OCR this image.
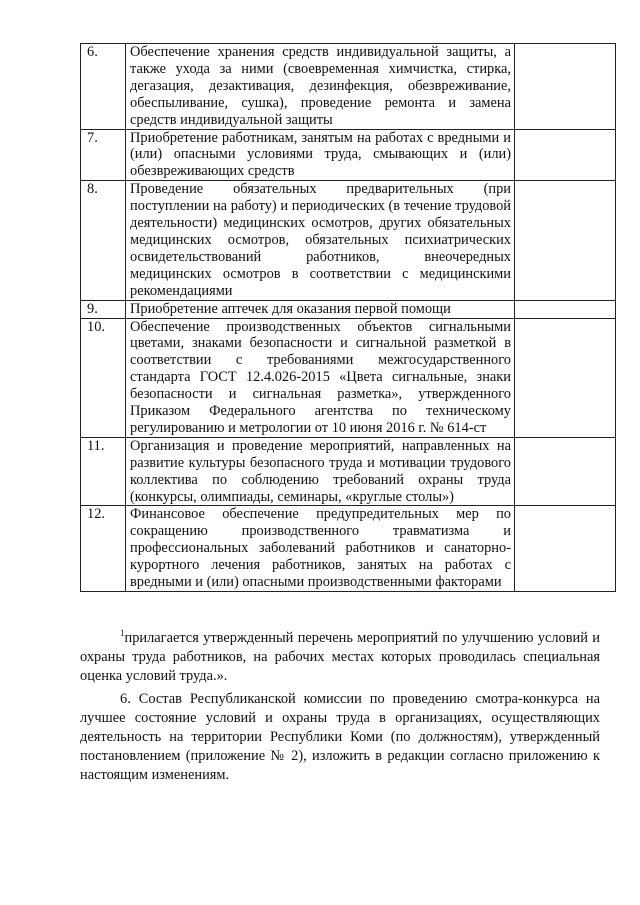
6.	Обеспечение хранения средств индивидуальной защиты, а также ухода за ними (своевременная химчистка, стирка, дегазация, дезактивация, дезинфекция, обезвреживание, обеспыливание, сушка), проведение ремонта и замена средств индивидуальной защиты	
7.	Приобретение работникам, занятым на работах с вредными и (или) опасными условиями труда, смывающих и (или) обезвреживающих средств	
8.	Проведение обязательных предварительных (при поступлении на работу) и периодических (в течение трудовой деятельности) медицинских осмотров, других обязательных медицинских осмотров, обязательных психиатрических освидетельствований работников, внеочередных медицинских осмотров в соответствии с медицинскими рекомендациями	
9.	Приобретение аптечек для оказания первой помощи	
10.	Обеспечение производственных объектов сигнальными цветами, знаками безопасности и сигнальной разметкой в соответствии с требованиями межгосударственного стандарта ГОСТ 12.4.026-2015 «Цвета сигнальные, знаки безопасности и сигнальная разметка», утвержденного Приказом Федерального агентства по техническому регулированию и метрологии от 10 июня 2016 г. № 614-ст	
11.	Организация и проведение мероприятий, направленных на развитие культуры безопасного труда и мотивации трудового коллектива по соблюдению требований охраны труда (конкурсы, олимпиады, семинары, «круглые столы»)	
12.	Финансовое обеспечение предупредительных мер по сокращению производственного травматизма и профессиональных заболеваний работников и санаторно-курортного лечения работников, занятых на работах с вредными и (или) опасными производственными факторами	

$^1$прилагается утвержденный перечень мероприятий по улучшению условий и охраны труда работников, на рабочих местах которых проводилась специальная оценка условий труда.».

6. Состав Республиканской комиссии по проведению смотра-конкурса на лучшее состояние условий и охраны труда в организациях, осуществляющих деятельность на территории Республики Коми (по должностям), утвержденный постановлением (приложение № 2), изложить в редакции согласно приложению к настоящим изменениям.
